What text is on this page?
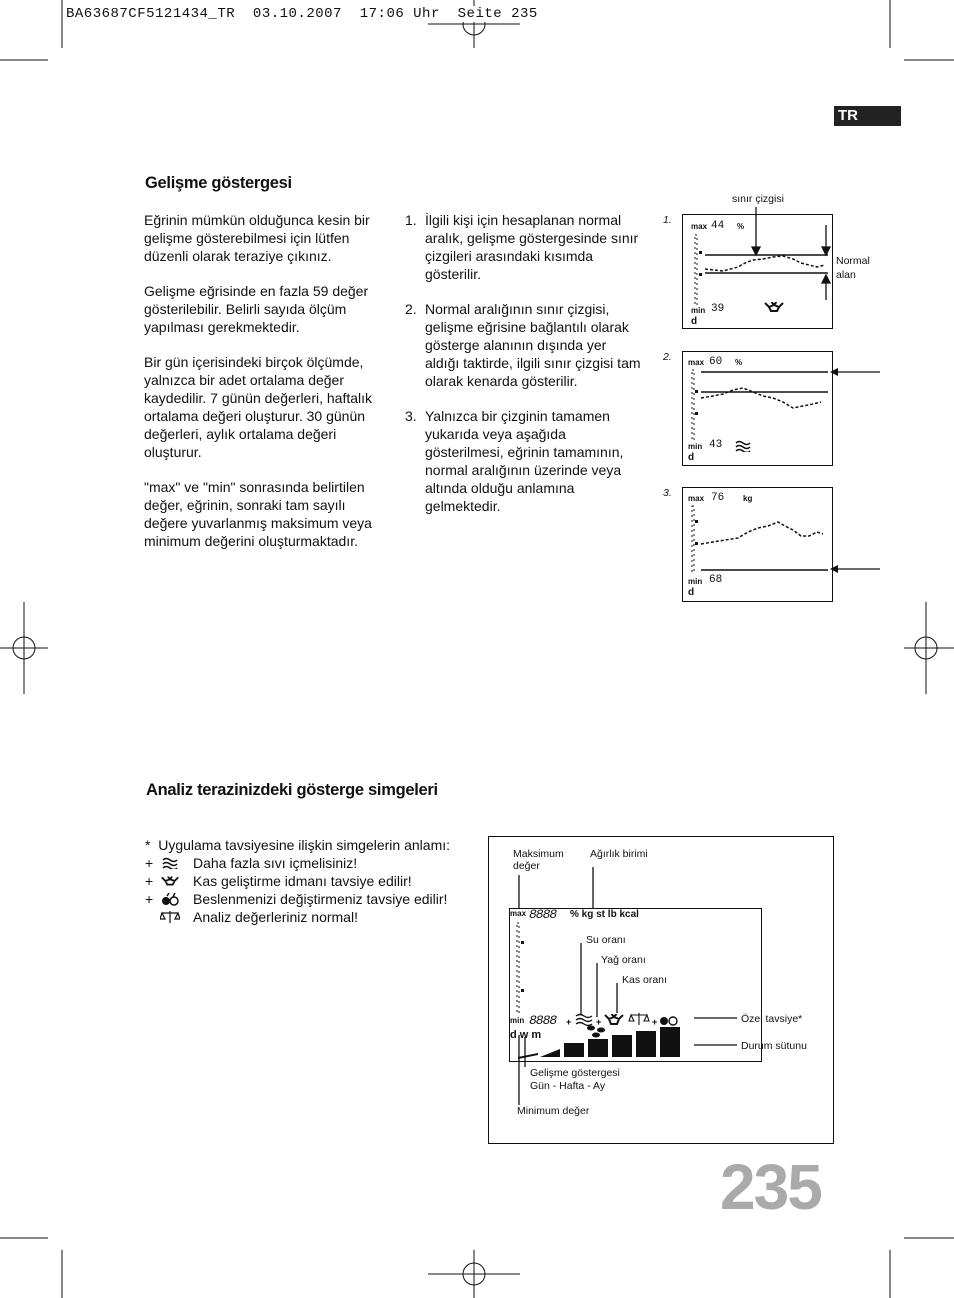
BA63687CF5121434_TR  03.10.2007  17:06 Uhr  Seite 235
TR
Gelişme göstergesi

Eğrinin mümkün olduğunca kesin bir gelişme gösterebilmesi için lütfen düzenli olarak teraziye çıkınız.

Gelişme eğrisinde en fazla 59 değer gösterilebilir. Belirli sayıda ölçüm yapılması gerekmektedir.

Bir gün içerisindeki birçok ölçümde, yalnızca bir adet ortalama değer kaydedilir. 7 günün değerleri, haftalık ortalama değeri oluşturur. 30 günün değerleri, aylık ortalama değeri oluşturur.

"max" ve "min" sonrasında belirtilen değer, eğrinin, sonraki tam sayılı değere yuvarlanmış maksimum veya minimum değerini oluşturmaktadır.

1. İlgili kişi için hesaplanan normal aralık, gelişme göstergesinde sınır çizgileri arasındaki kısımda gösterilir.
2. Normal aralığının sınır çizgisi, gelişme eğrisine bağlantılı olarak gösterge alanının dışında yer aldığı taktirde, ilgili sınır çizgisi tam olarak kenarda gösterilir.
3. Yalnızca bir çizginin tamamen yukarıda veya aşağıda gösterilmesi, eğrinin tamamının, normal aralığının üzerinde veya altında olduğu anlamına gelmektedir.
sınır çizgisi
Normal
alan
1.
max 44 %
min 39
d
2. max 60 %
min 43
d
3. max 76 kg
min 68
d
Analiz terazinizdeki gösterge simgeleri
*  Uygulama tavsiyesine ilişkin simgelerin anlamı:
+	Daha fazla sıvı içmelisiniz!
+	Kas geliştirme idmanı tavsiye edilir!
+	Beslenmenizi değiştirmeniz tavsiye edilir!
Analiz değerleriniz normal!
Maksimum
değer
Ağırlık birimi
Su oranı
Yağ oranı
Kas oranı
Özel tavsiye*
Durum sütunu
Gelişme göstergesi
Gün - Hafta - Ay
Minimum değer
max 8888 % kg st lb kcal
min 8888
d w m
+	+	+
235
